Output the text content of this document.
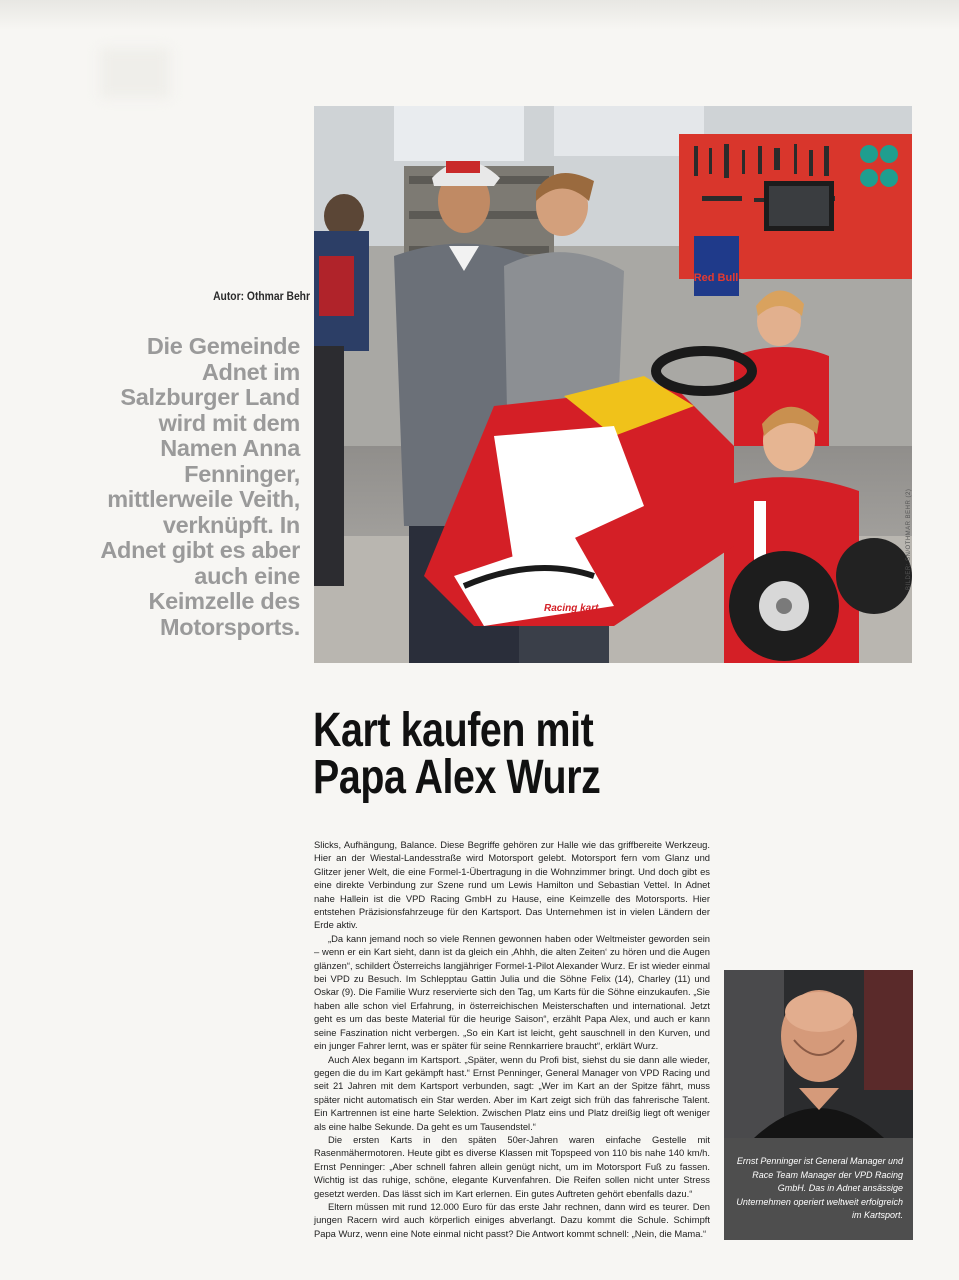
Autor: Othmar Behr
Die Gemeinde Adnet im Salzburger Land wird mit dem Namen Anna Fenninger, mittlerweile Veith, verknüpft. In Adnet gibt es aber auch eine Keimzelle des Motorsports.
Red Bull
Racing kart
BILDER: SN/OTHMAR BEHR (2)
Kart kaufen mit Papa Alex Wurz

Slicks, Aufhängung, Balance. Diese Begriffe gehören zur Halle wie das griffbereite Werkzeug. Hier an der Wiestal-Landesstraße wird Motorsport gelebt. Motorsport fern vom Glanz und Glitzer jener Welt, die eine Formel-1-Übertragung in die Wohnzimmer bringt. Und doch gibt es eine direkte Verbindung zur Szene rund um Lewis Hamilton und Sebastian Vettel. In Adnet nahe Hallein ist die VPD Racing GmbH zu Hause, eine Keimzelle des Motorsports. Hier entstehen Präzisionsfahrzeuge für den Kartsport. Das Unternehmen ist in vielen Ländern der Erde aktiv.

„Da kann jemand noch so viele Rennen gewonnen haben oder Weltmeister geworden sein – wenn er ein Kart sieht, dann ist da gleich ein ‚Ahhh, die alten Zeiten‘ zu hören und die Augen glänzen“, schildert Österreichs langjähriger Formel-1-Pilot Alexander Wurz. Er ist wieder einmal bei VPD zu Besuch. Im Schlepptau Gattin Julia und die Söhne Felix (14), Charley (11) und Oskar (9). Die Familie Wurz reservierte sich den Tag, um Karts für die Söhne einzukaufen. „Sie haben alle schon viel Erfahrung, in österreichischen Meisterschaften und international. Jetzt geht es um das beste Material für die heurige Saison“, erzählt Papa Alex, und auch er kann seine Faszination nicht verbergen. „So ein Kart ist leicht, geht sauschnell in den Kurven, und ein junger Fahrer lernt, was er später für seine Rennkarriere braucht“, erklärt Wurz.

Auch Alex begann im Kartsport. „Später, wenn du Profi bist, siehst du sie dann alle wieder, gegen die du im Kart gekämpft hast.“ Ernst Penninger, General Manager von VPD Racing und seit 21 Jahren mit dem Kartsport verbunden, sagt: „Wer im Kart an der Spitze fährt, muss später nicht automatisch ein Star werden. Aber im Kart zeigt sich früh das fahrerische Talent. Ein Kartrennen ist eine harte Selektion. Zwischen Platz eins und Platz dreißig liegt oft weniger als eine halbe Sekunde. Da geht es um Tausendstel.“

Die ersten Karts in den späten 50er-Jahren waren einfache Gestelle mit Rasenmähermotoren. Heute gibt es diverse Klassen mit Topspeed von 110 bis nahe 140 km/h. Ernst Penninger: „Aber schnell fahren allein genügt nicht, um im Motorsport Fuß zu fassen. Wichtig ist das ruhige, schöne, elegante Kurvenfahren. Die Reifen sollen nicht unter Stress gesetzt werden. Das lässt sich im Kart erlernen. Ein gutes Auftreten gehört ebenfalls dazu.“

Eltern müssen mit rund 12.000 Euro für das erste Jahr rechnen, dann wird es teurer. Den jungen Racern wird auch körperlich einiges abverlangt. Dazu kommt die Schule. Schimpft Papa Wurz, wenn eine Note einmal nicht passt? Die Antwort kommt schnell: „Nein, die Mama.“

Ernst Penninger ist General Manager und Race Team Manager der VPD Racing GmbH. Das in Adnet ansässige Unternehmen operiert weltweit erfolgreich im Kartsport.
